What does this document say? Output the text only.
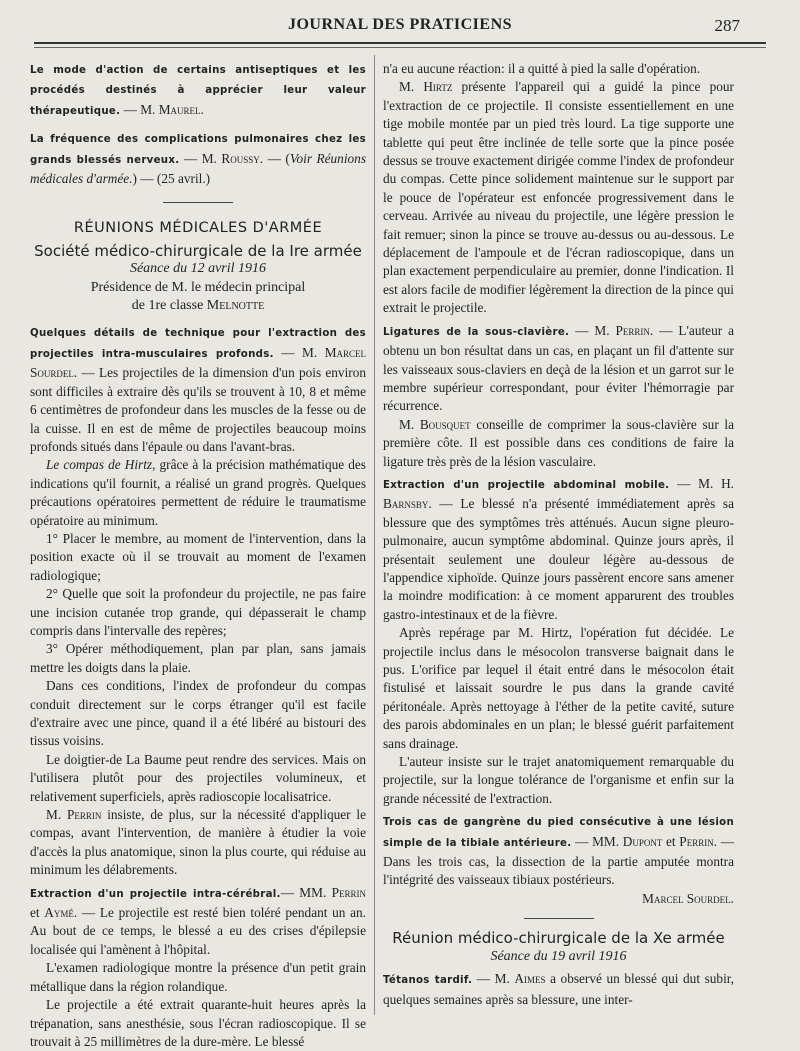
JOURNAL DES PRATICIENS	287

Le mode d'action de certains antiseptiques et les procédés destinés à apprécier leur valeur thérapeutique. — M. Maurel.

La fréquence des complications pulmonaires chez les grands blessés nerveux. — M. Roussy. — (Voir Réunions médicales d'armée.) — (25 avril.)

RÉUNIONS MÉDICALES D'ARMÉE
Société médico-chirurgicale de la Ire armée
Séance du 12 avril 1916
Présidence de M. le médecin principal
de 1re classe Melnotte

Quelques détails de technique pour l'extraction des projectiles intra-musculaires profonds. — M. Marcel Sourdel. — Les projectiles de la dimension d'un pois environ sont difficiles à extraire dès qu'ils se trouvent à 10, 8 et même 6 centimètres de profondeur dans les muscles de la fesse ou de la cuisse. Il en est de même de projectiles beaucoup moins profonds situés dans l'épaule ou dans l'avant-bras.

Le compas de Hirtz, grâce à la précision mathématique des indications qu'il fournit, a réalisé un grand progrès. Quelques précautions opératoires permettent de réduire le traumatisme opératoire au minimum.

1° Placer le membre, au moment de l'intervention, dans la position exacte où il se trouvait au moment de l'examen radiologique;

2° Quelle que soit la profondeur du projectile, ne pas faire une incision cutanée trop grande, qui dépasserait le champ compris dans l'intervalle des repères;

3° Opérer méthodiquement, plan par plan, sans jamais mettre les doigts dans la plaie.

Dans ces conditions, l'index de profondeur du compas conduit directement sur le corps étranger qu'il est facile d'extraire avec une pince, quand il a été libéré au bistouri des tissus voisins.

Le doigtier-de La Baume peut rendre des services. Mais on l'utilisera plutôt pour des projectiles volumineux, et relativement superficiels, après radioscopie localisatrice.

M. Perrin insiste, de plus, sur la nécessité d'appliquer le compas, avant l'intervention, de manière à étudier la voie d'accès la plus anatomique, sinon la plus courte, qui réduise au minimum les délabrements.

Extraction d'un projectile intra-cérébral.— MM. Perrin et Aymé. — Le projectile est resté bien toléré pendant un an. Au bout de ce temps, le blessé a eu des crises d'épilepsie localisée qui l'amènent à l'hôpital.

L'examen radiologique montre la présence d'un petit grain métallique dans la région rolandique.

Le projectile a été extrait quarante-huit heures après la trépanation, sans anesthésie, sous l'écran radioscopique. Il se trouvait à 25 millimètres de la dure-mère. Le blessé

n'a eu aucune réaction: il a quitté à pied la salle d'opération.

M. Hirtz présente l'appareil qui a guidé la pince pour l'extraction de ce projectile. Il consiste essentiellement en une tige mobile montée par un pied très lourd. La tige supporte une tablette qui peut être inclinée de telle sorte que la pince posée dessus se trouve exactement dirigée comme l'index de profondeur du compas. Cette pince solidement maintenue sur le support par le pouce de l'opérateur est enfoncée progressivement dans le cerveau. Arrivée au niveau du projectile, une légère pression le fait remuer; sinon la pince se trouve au-dessus ou au-dessous. Le déplacement de l'ampoule et de l'écran radioscopique, dans un plan exactement perpendiculaire au premier, donne l'indication. Il est alors facile de modifier légèrement la direction de la pince qui extrait le projectile.

Ligatures de la sous-clavière. — M. Perrin. — L'auteur a obtenu un bon résultat dans un cas, en plaçant un fil d'attente sur les vaisseaux sous-claviers en deçà de la lésion et un garrot sur le membre supérieur correspondant, pour éviter l'hémorragie par récurrence.

M. Bousquet conseille de comprimer la sous-clavière sur la première côte. Il est possible dans ces conditions de faire la ligature très près de la lésion vasculaire.

Extraction d'un projectile abdominal mobile. — M. H. Barnsby. — Le blessé n'a présenté immédiatement après sa blessure que des symptômes très atténués. Aucun signe pleuro-pulmonaire, aucun symptôme abdominal. Quinze jours après, il présentait seulement une douleur légère au-dessous de l'appendice xiphoïde. Quinze jours passèrent encore sans amener la moindre modification: à ce moment apparurent des troubles gastro-intestinaux et de la fièvre.

Après repérage par M. Hirtz, l'opération fut décidée. Le projectile inclus dans le mésocolon transverse baignait dans le pus. L'orifice par lequel il était entré dans le mésocolon était fistulisé et laissait sourdre le pus dans la grande cavité péritonéale. Après nettoyage à l'éther de la petite cavité, suture des parois abdominales en un plan; le blessé guérit parfaitement sans drainage.

L'auteur insiste sur le trajet anatomiquement remarquable du projectile, sur la longue tolérance de l'organisme et enfin sur la grande nécessité de l'extraction.

Trois cas de gangrène du pied consécutive à une lésion simple de la tibiale antérieure. — MM. Dupont et Perrin. — Dans les trois cas, la dissection de la partie amputée montra l'intégrité des vaisseaux tibiaux postérieurs.

Marcel Sourdel.

Réunion médico-chirurgicale de la Xe armée
Séance du 19 avril 1916

Tétanos tardif. — M. Aimes a observé un blessé qui dut subir, quelques semaines après sa blessure, une inter-
